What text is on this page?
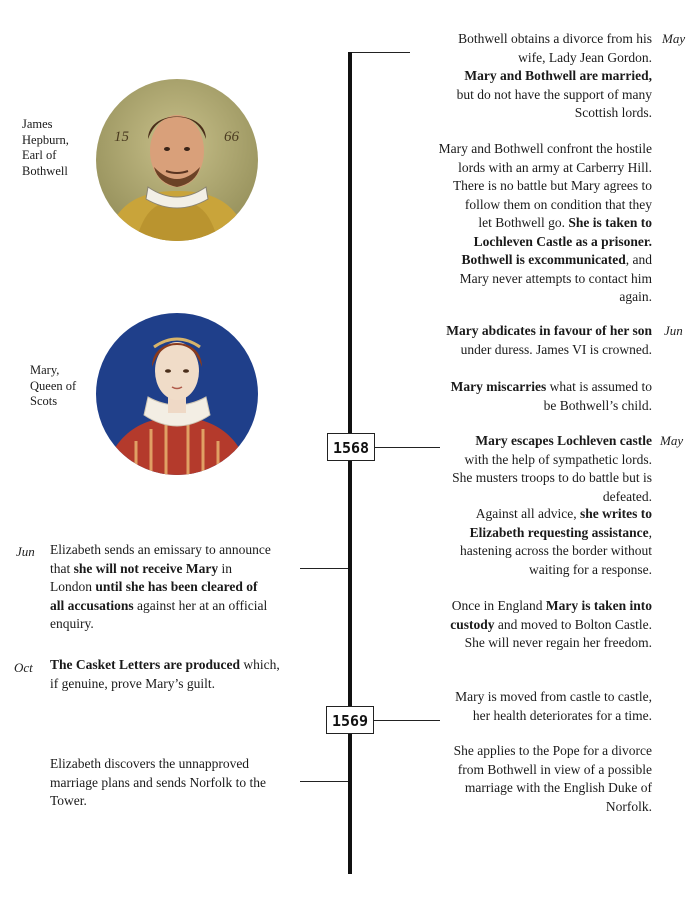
1568
1569
May
Jun
May
Jun
Oct
James
Hepburn,
Earl of
Bothwell
15	66
Mary,
Queen of
Scots
Bothwell obtains a divorce from his
wife, Lady Jean Gordon.
Mary and Bothwell are married,
but do not have the support of many
Scottish lords.
Mary and Bothwell confront the hostile
lords with an army at Carberry Hill.
There is no battle but Mary agrees to
follow them on condition that they
let Bothwell go. She is taken to
Lochleven Castle as a prisoner.
Bothwell is excommunicated, and
Mary never attempts to contact him
again.
Mary abdicates in favour of her son
under duress. James VI is crowned.
Mary miscarries what is assumed to
be Bothwell’s child.
Mary escapes Lochleven castle
with the help of sympathetic lords.
She musters troops to do battle but is
defeated.
Against all advice, she writes to
Elizabeth requesting assistance,
hastening across the border without
waiting for a response.
Once in England Mary is taken into
custody and moved to Bolton Castle.
She will never regain her freedom.
Mary is moved from castle to castle,
her health deteriorates for a time.
She applies to the Pope for a divorce
from Bothwell in view of a possible
marriage with the English Duke of
Norfolk.
Elizabeth sends an emissary to announce
that she will not receive Mary in
London until she has been cleared of
all accusations against her at an official
enquiry.
The Casket Letters are produced which,
if genuine, prove Mary’s guilt.
Elizabeth discovers the unnapproved
marriage plans and sends Norfolk to the
Tower.
